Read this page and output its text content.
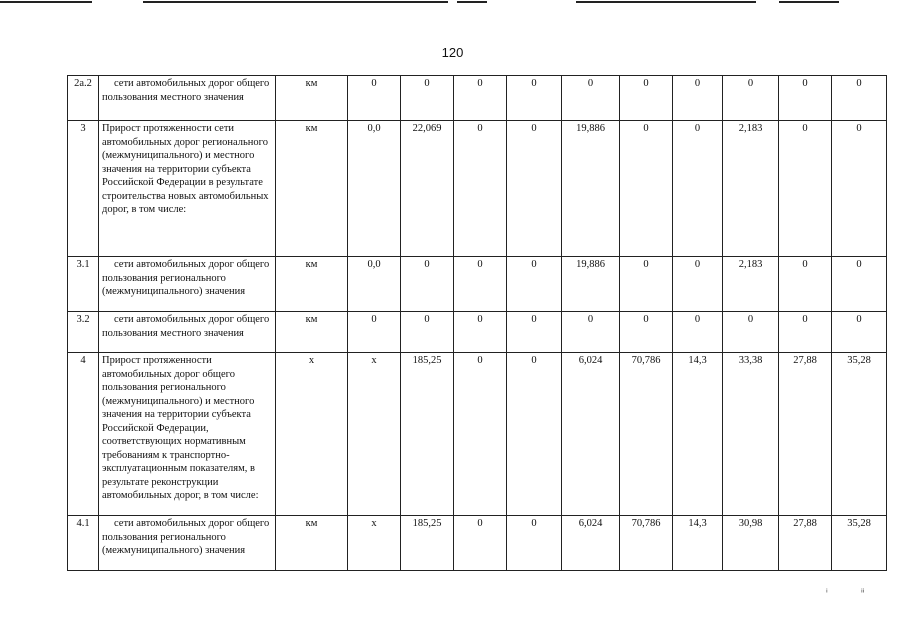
120
2а.2	сети автомобильных дорог общего пользования местного значения	км	0	0	0	0	0	0	0	0	0	0
3	Прирост протяженности сети автомобильных дорог регионального (межмуниципального) и местного значения на территории субъекта Российской Федерации в результате строительства новых автомобильных дорог, в том числе:	км	0,0	22,069	0	0	19,886	0	0	2,183	0	0
3.1	сети автомобильных дорог общего пользования регионального (межмуниципального) значения	км	0,0	0	0	0	19,886	0	0	2,183	0	0
3.2	сети автомобильных дорог общего пользования местного значения	км	0	0	0	0	0	0	0	0	0	0
4	Прирост протяженности автомобильных дорог общего пользования регионального (межмуниципального) и местного значения на территории субъекта Российской Федерации, соответствующих нормативным требованиям к транспортно-эксплуатационным показателям, в результате реконструкции автомобильных дорог, в том числе:	х	х	185,25	0	0	6,024	70,786	14,3	33,38	27,88	35,28
4.1	сети автомобильных дорог общего пользования регионального (межмуниципального) значения	км	х	185,25	0	0	6,024	70,786	14,3	30,98	27,88	35,28
ⁱ	ⁱⁱ
